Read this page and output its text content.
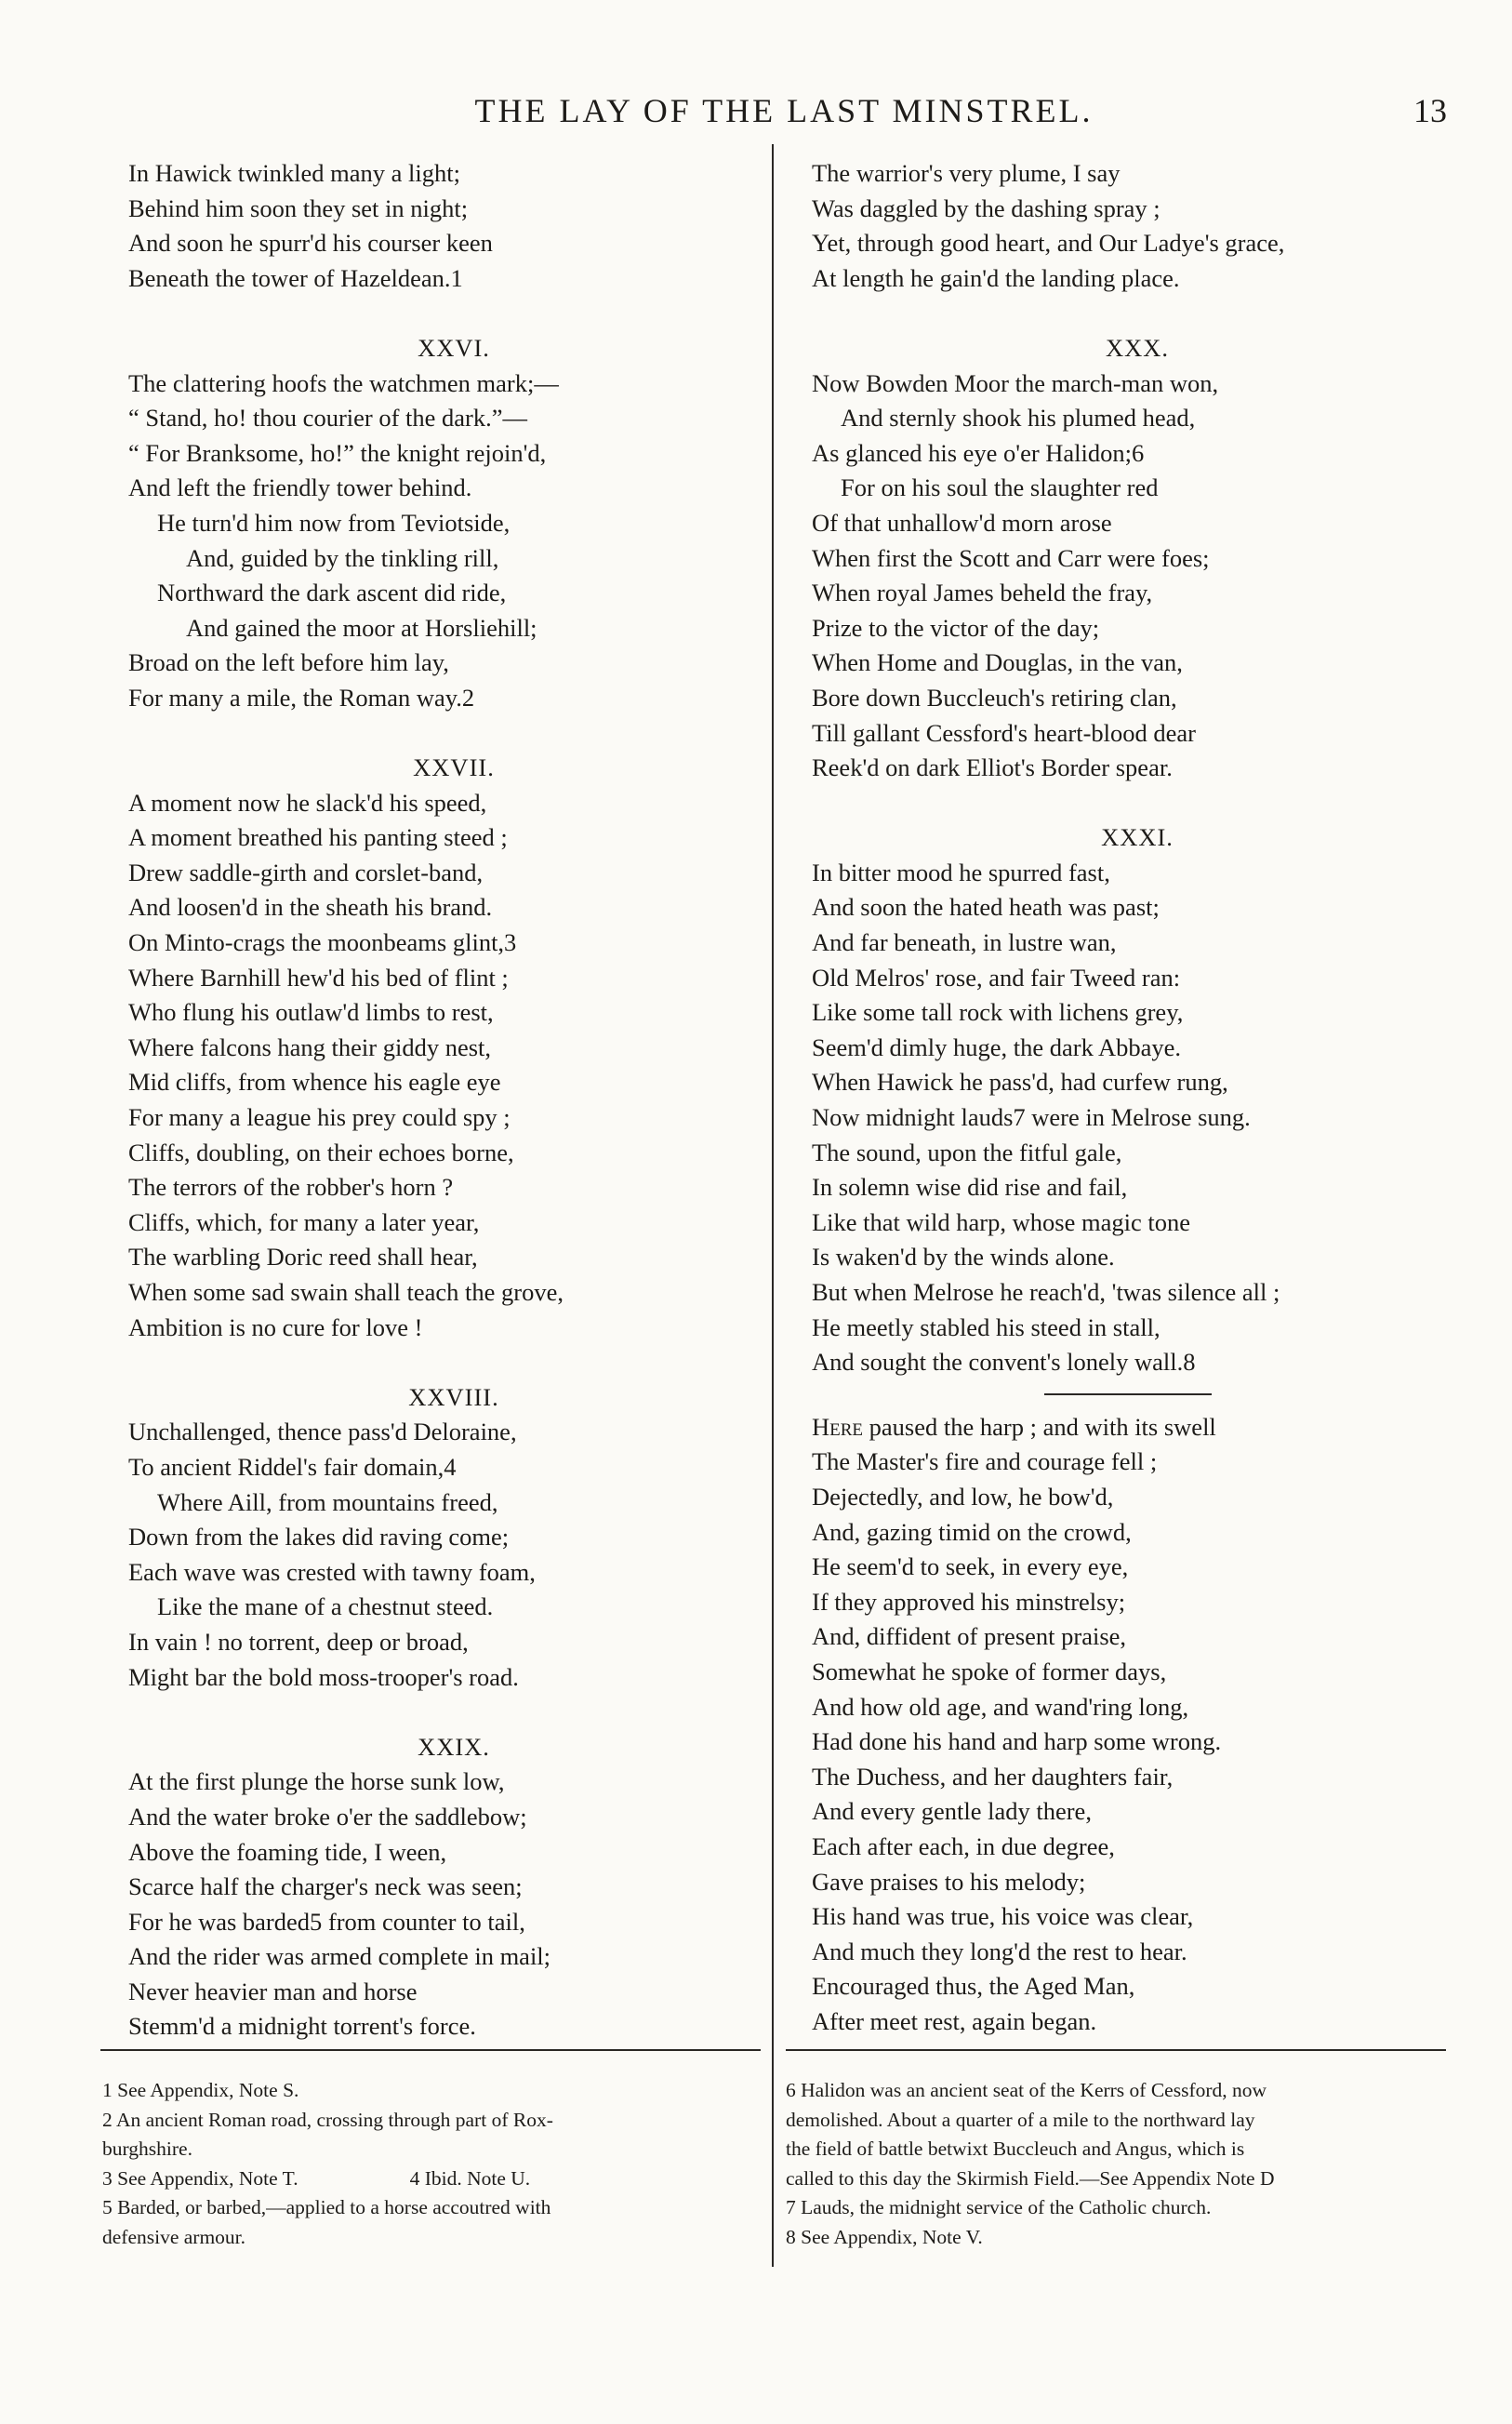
THE LAY OF THE LAST MINSTREL.	13
In Hawick twinkled many a light;
Behind him soon they set in night;
And soon he spurr'd his courser keen
Beneath the tower of Hazeldean.1
XXVI.
The clattering hoofs the watchmen mark;—
“ Stand, ho! thou courier of the dark.”—
“ For Branksome, ho!” the knight rejoin'd,
And left the friendly tower behind.
He turn'd him now from Teviotside,
And, guided by the tinkling rill,
Northward the dark ascent did ride,
And gained the moor at Horsliehill;
Broad on the left before him lay,
For many a mile, the Roman way.2
XXVII.
A moment now he slack'd his speed,
A moment breathed his panting steed ;
Drew saddle-girth and corslet-band,
And loosen'd in the sheath his brand.
On Minto-crags the moonbeams glint,3
Where Barnhill hew'd his bed of flint ;
Who flung his outlaw'd limbs to rest,
Where falcons hang their giddy nest,
Mid cliffs, from whence his eagle eye
For many a league his prey could spy ;
Cliffs, doubling, on their echoes borne,
The terrors of the robber's horn ?
Cliffs, which, for many a later year,
The warbling Doric reed shall hear,
When some sad swain shall teach the grove,
Ambition is no cure for love !
XXVIII.
Unchallenged, thence pass'd Deloraine,
To ancient Riddel's fair domain,4
Where Aill, from mountains freed,
Down from the lakes did raving come;
Each wave was crested with tawny foam,
Like the mane of a chestnut steed.
In vain ! no torrent, deep or broad,
Might bar the bold moss-trooper's road.
XXIX.
At the first plunge the horse sunk low,
And the water broke o'er the saddlebow;
Above the foaming tide, I ween,
Scarce half the charger's neck was seen;
For he was barded5 from counter to tail,
And the rider was armed complete in mail;
Never heavier man and horse
Stemm'd a midnight torrent's force.
The warrior's very plume, I say
Was daggled by the dashing spray ;
Yet, through good heart, and Our Ladye's grace,
At length he gain'd the landing place.
XXX.
Now Bowden Moor the march-man won,
And sternly shook his plumed head,
As glanced his eye o'er Halidon;6
For on his soul the slaughter red
Of that unhallow'd morn arose
When first the Scott and Carr were foes;
When royal James beheld the fray,
Prize to the victor of the day;
When Home and Douglas, in the van,
Bore down Buccleuch's retiring clan,
Till gallant Cessford's heart-blood dear
Reek'd on dark Elliot's Border spear.
XXXI.
In bitter mood he spurred fast,
And soon the hated heath was past;
And far beneath, in lustre wan,
Old Melros' rose, and fair Tweed ran:
Like some tall rock with lichens grey,
Seem'd dimly huge, the dark Abbaye.
When Hawick he pass'd, had curfew rung,
Now midnight lauds7 were in Melrose sung.
The sound, upon the fitful gale,
In solemn wise did rise and fail,
Like that wild harp, whose magic tone
Is waken'd by the winds alone.
But when Melrose he reach'd, 'twas silence all ;
He meetly stabled his steed in stall,
And sought the convent's lonely wall.8
Here paused the harp ; and with its swell
The Master's fire and courage fell ;
Dejectedly, and low, he bow'd,
And, gazing timid on the crowd,
He seem'd to seek, in every eye,
If they approved his minstrelsy;
And, diffident of present praise,
Somewhat he spoke of former days,
And how old age, and wand'ring long,
Had done his hand and harp some wrong.
The Duchess, and her daughters fair,
And every gentle lady there,
Each after each, in due degree,
Gave praises to his melody;
His hand was true, his voice was clear,
And much they long'd the rest to hear.
Encouraged thus, the Aged Man,
After meet rest, again began.
1 See Appendix, Note S.
2 An ancient Roman road, crossing through part of Rox-
burghshire.
3 See Appendix, Note T.	4 Ibid. Note U.
5 Barded, or barbed,—applied to a horse accoutred with
defensive armour.
6 Halidon was an ancient seat of the Kerrs of Cessford, now
demolished. About a quarter of a mile to the northward lay
the field of battle betwixt Buccleuch and Angus, which is
called to this day the Skirmish Field.—See Appendix Note D
7 Lauds, the midnight service of the Catholic church.
8 See Appendix, Note V.
